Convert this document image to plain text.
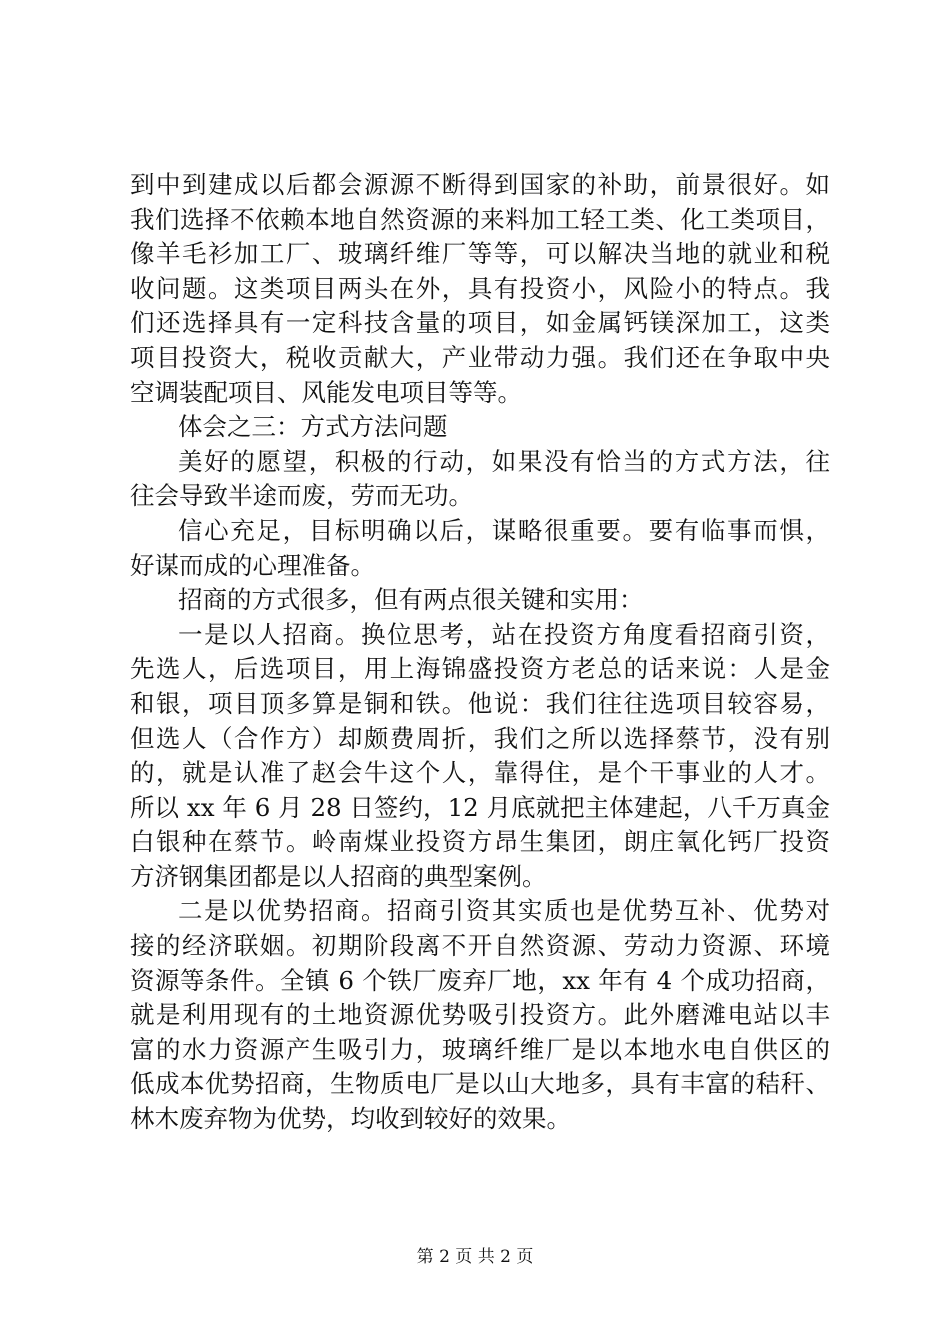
到中到建成以后都会源源不断得到国家的补助，前景很好。如
我们选择不依赖本地自然资源的来料加工轻工类、化工类项目，
像羊毛衫加工厂、玻璃纤维厂等等，可以解决当地的就业和税
收问题。这类项目两头在外，具有投资小，风险小的特点。我
们还选择具有一定科技含量的项目，如金属钙镁深加工，这类
项目投资大，税收贡献大，产业带动力强。我们还在争取中央
空调装配项目、风能发电项目等等。
体会之三：方式方法问题
美好的愿望，积极的行动，如果没有恰当的方式方法，往
往会导致半途而废，劳而无功。
信心充足，目标明确以后，谋略很重要。要有临事而惧，
好谋而成的心理准备。
招商的方式很多，但有两点很关键和实用：
一是以人招商。换位思考，站在投资方角度看招商引资，
先选人，后选项目，用上海锦盛投资方老总的话来说：人是金
和银，项目顶多算是铜和铁。他说：我们往往选项目较容易，
但选人（合作方）却颇费周折，我们之所以选择蔡节，没有别
的，就是认准了赵会牛这个人，靠得住，是个干事业的人才。
所以 xx 年 6 月 28 日签约，12 月底就把主体建起，八千万真金
白银种在蔡节。岭南煤业投资方昂生集团，朗庄氧化钙厂投资
方济钢集团都是以人招商的典型案例。
二是以优势招商。招商引资其实质也是优势互补、优势对
接的经济联姻。初期阶段离不开自然资源、劳动力资源、环境
资源等条件。全镇 6 个铁厂废弃厂地，xx 年有 4 个成功招商，
就是利用现有的土地资源优势吸引投资方。此外磨滩电站以丰
富的水力资源产生吸引力，玻璃纤维厂是以本地水电自供区的
低成本优势招商，生物质电厂是以山大地多，具有丰富的秸秆、
林木废弃物为优势，均收到较好的效果。
第 2 页 共 2 页
